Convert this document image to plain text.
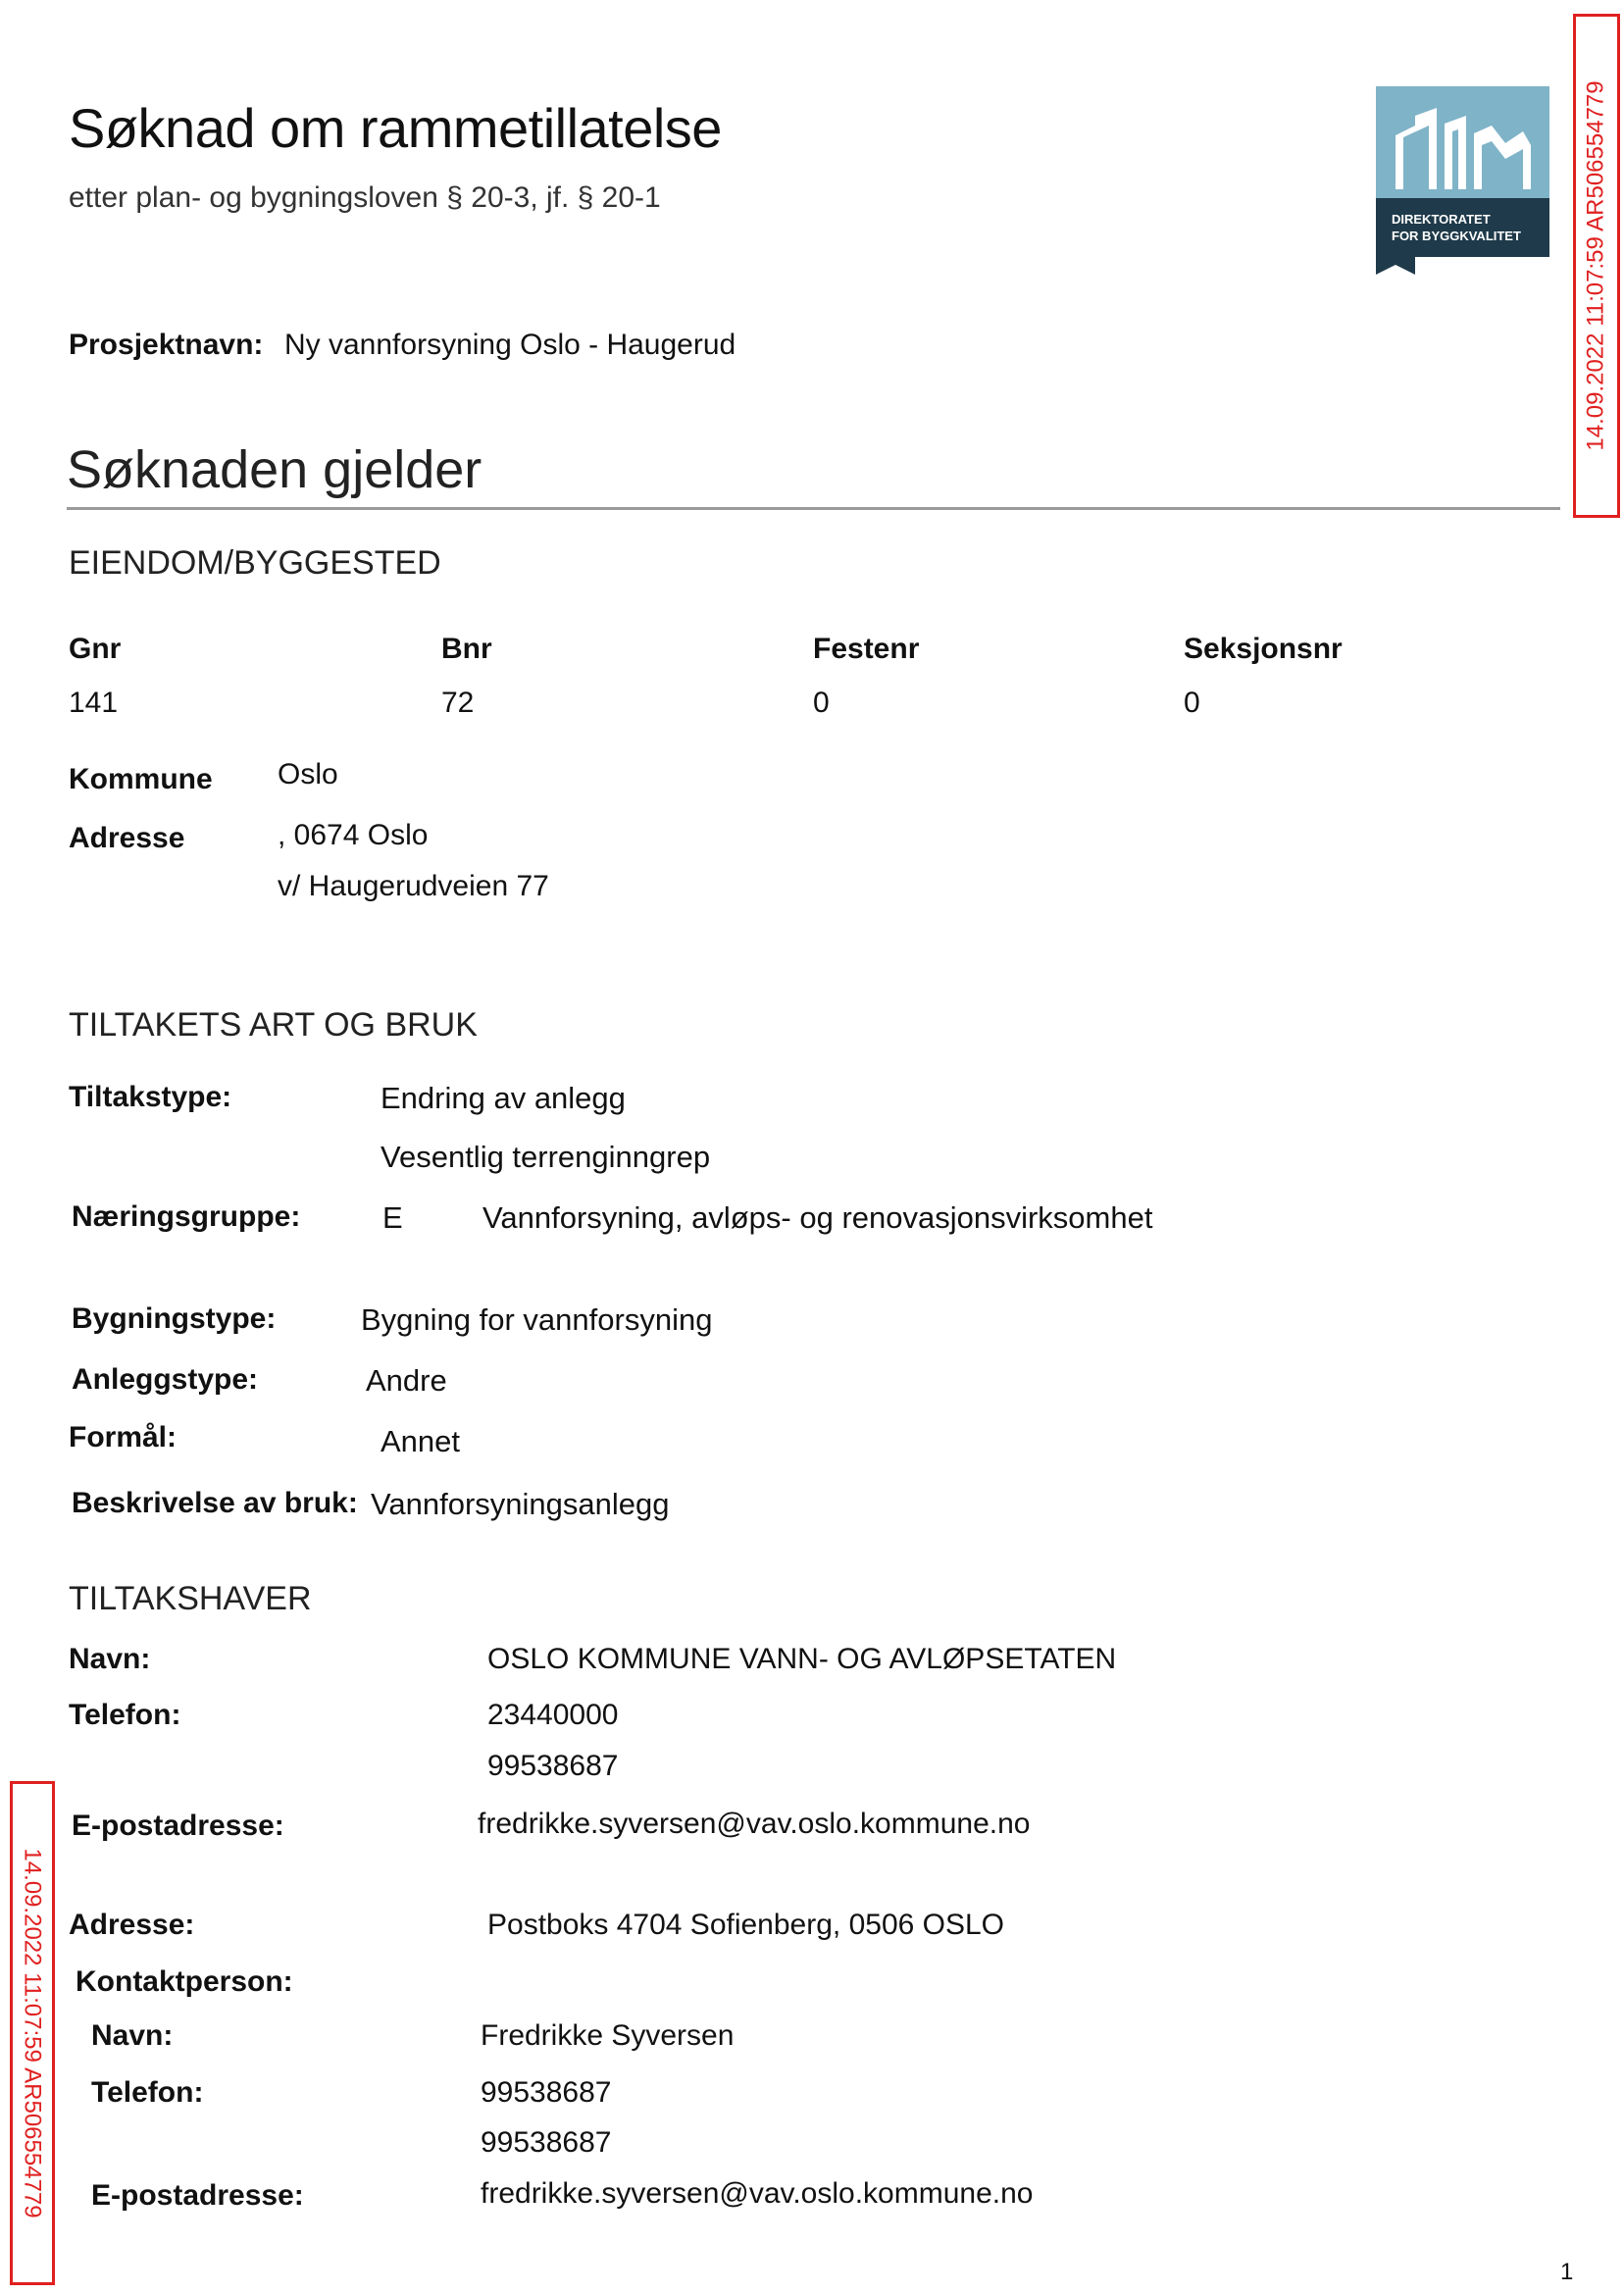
Søknad om rammetillatelse
etter plan- og bygningsloven § 20-3, jf. § 20-1
DIREKTORATET
FOR BYGGKVALITET	14.09.2022 11:07:59 AR506554779
14.09.2022 11:07:59 AR506554779
Prosjektnavn: Ny vannforsyning Oslo - Haugerud
Søknaden gjelder
EIENDOM/BYGGESTED
Gnr	Bnr	Festenr	Seksjonsnr
141	72	0	0
Kommune Oslo
Adresse	, 0674 Oslo
v/ Haugerudveien 77
TILTAKETS ART OG BRUK
Tiltakstype:	Endring av anlegg
Vesentlig terrenginngrep
Næringsgruppe:	E	Vannforsyning, avløps- og renovasjonsvirksomhet
Bygningstype:	Bygning for vannforsyning
Anleggstype:	Andre
Formål:	Annet
Beskrivelse av bruk: Vannforsyningsanlegg
TILTAKSHAVER
Navn:	OSLO KOMMUNE VANN- OG AVLØPSETATEN
Telefon:	23440000
99538687
E-postadresse:	fredrikke.syversen@vav.oslo.kommune.no
Adresse:	Postboks 4704 Sofienberg, 0506 OSLO
Kontaktperson:
Navn:	Fredrikke Syversen
Telefon:	99538687
99538687
E-postadresse:	fredrikke.syversen@vav.oslo.kommune.no
1
